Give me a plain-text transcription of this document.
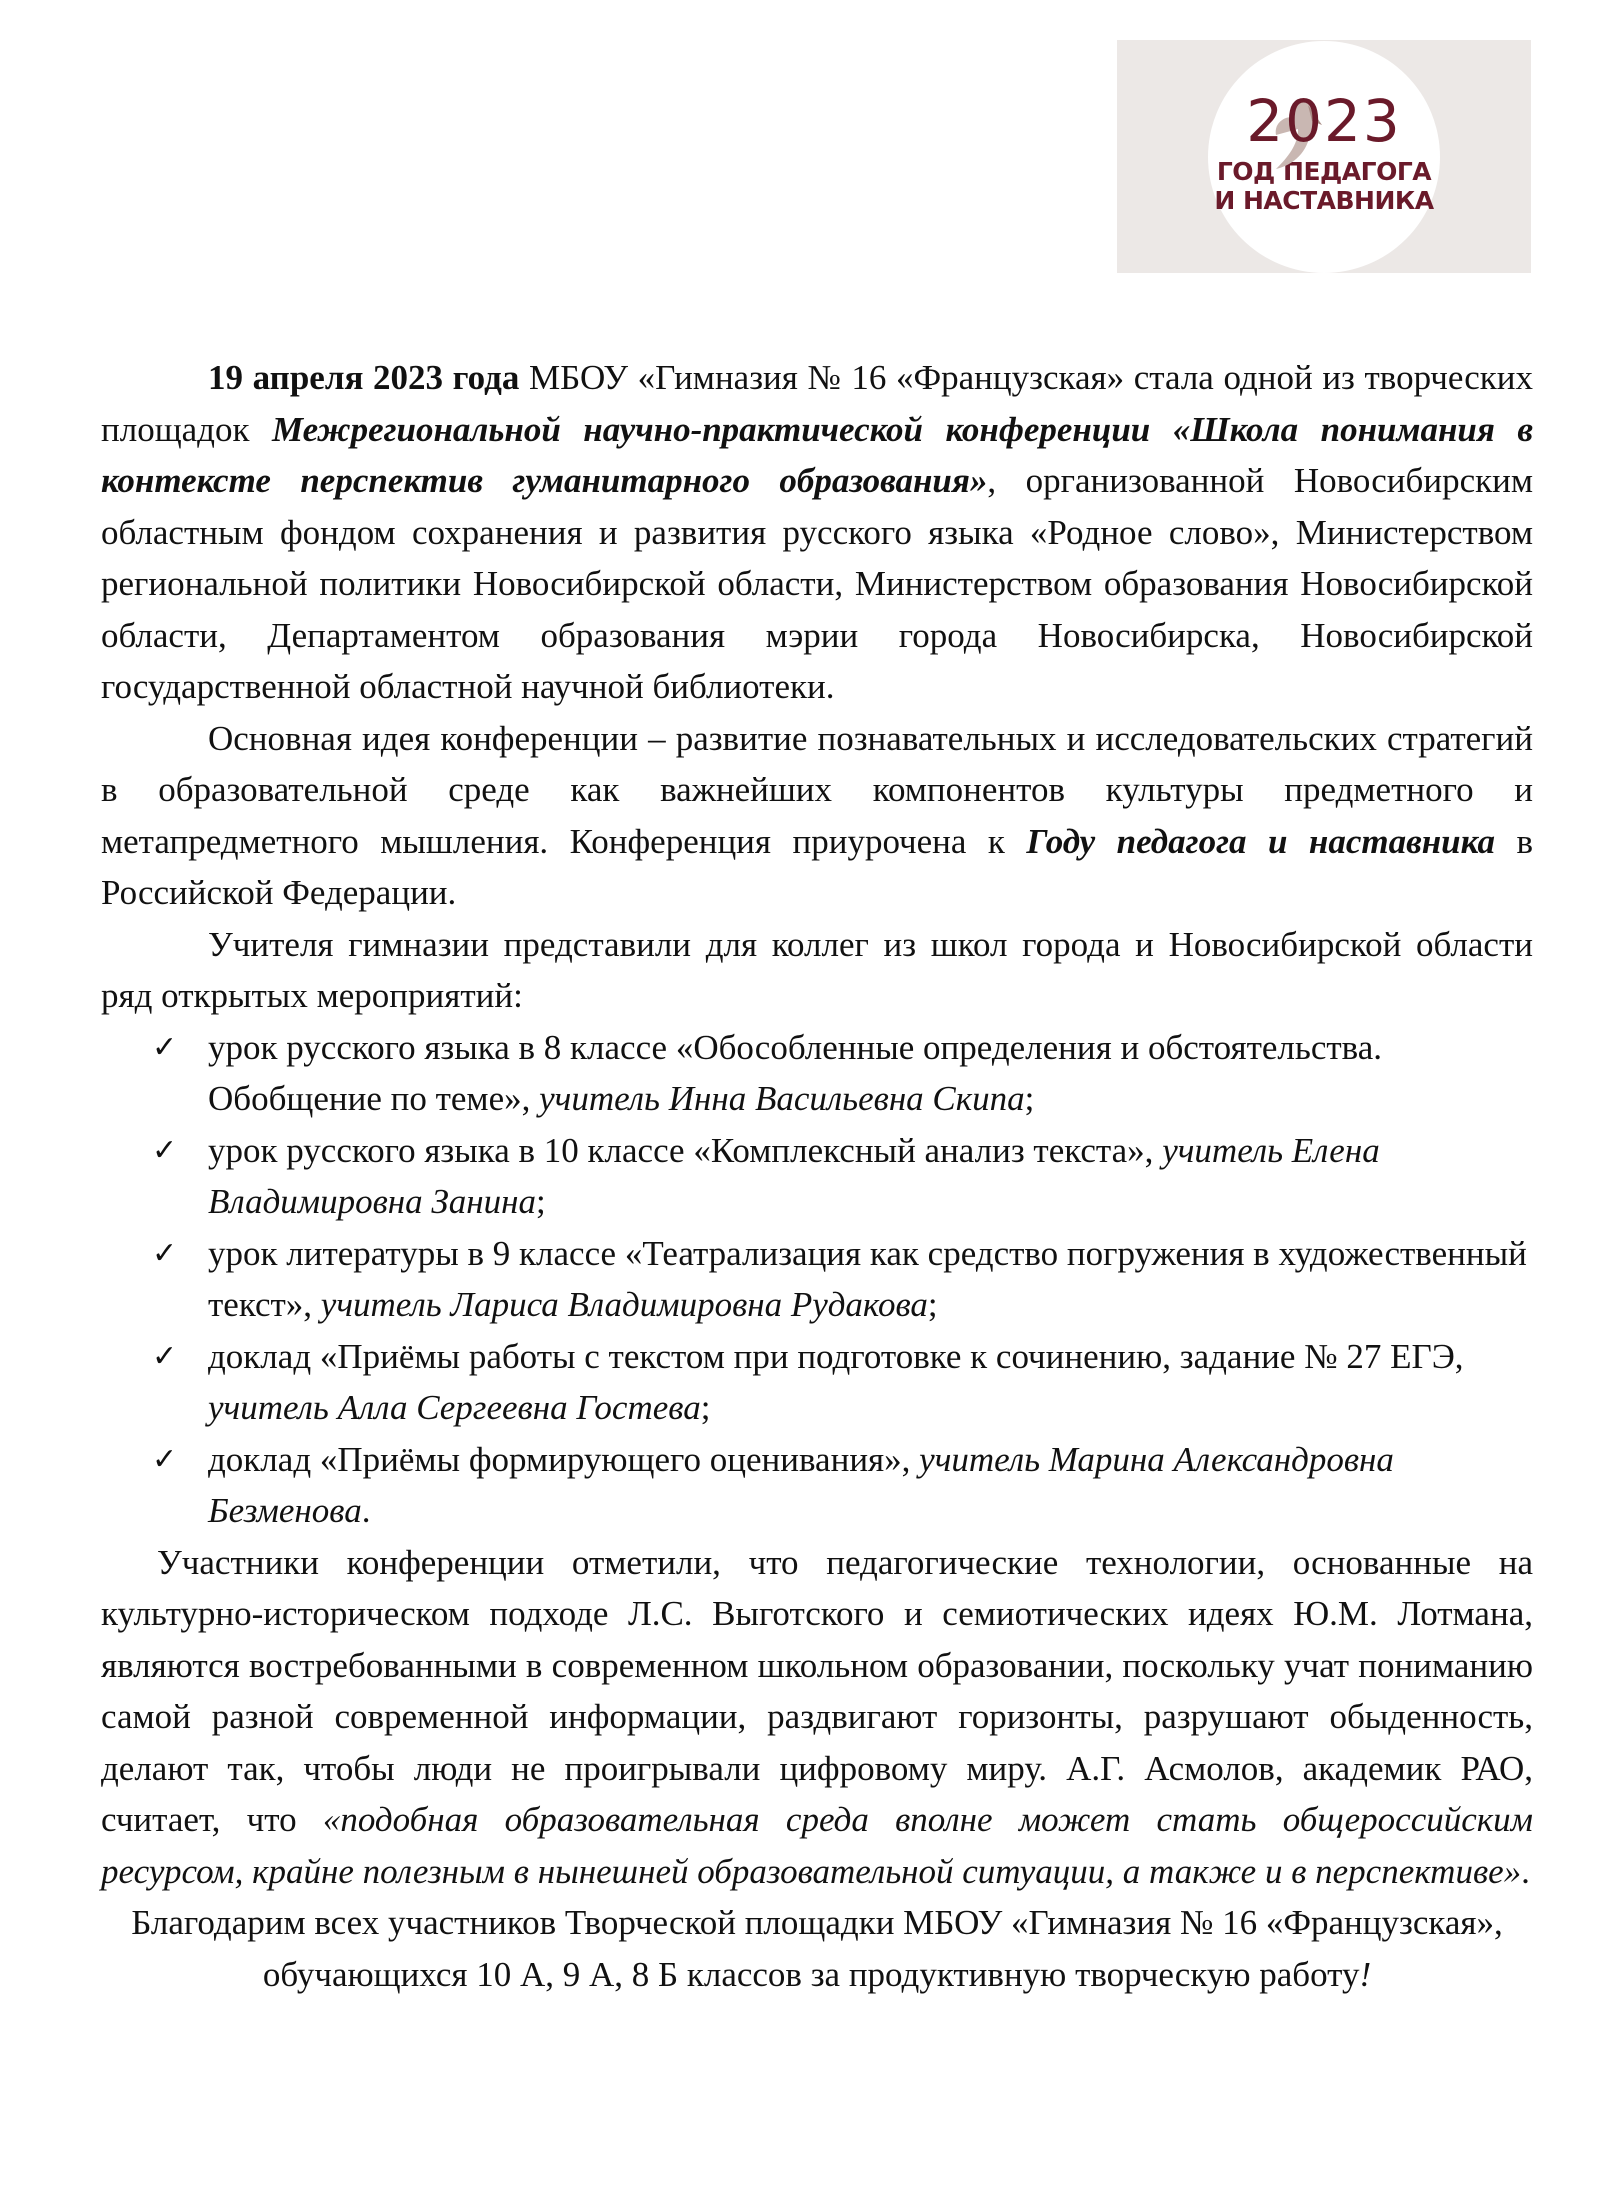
2023
ГОД ПЕДАГОГА
И НАСТАВНИКА

19 апреля 2023 года МБОУ «Гимназия № 16 «Французская» стала одной из творческих площадок Межрегиональной научно-практической конференции «Школа понимания в контексте перспектив гуманитарного образования», организованной Новосибирским областным фондом сохранения и развития русского языка «Родное слово», Министерством региональной политики Новосибирской области, Министерством образования Новосибирской области, Департаментом образования мэрии города Новосибирска, Новосибирской государственной областной научной библиотеки.

Основная идея конференции – развитие познавательных и исследовательских стратегий в образовательной среде как важнейших компонентов культуры предметного и метапредметного мышления. Конференция приурочена к Году педагога и наставника в Российской Федерации.

Учителя гимназии представили для коллег из школ города и Новосибирской области ряд открытых мероприятий:

✓ урок русского языка в 8 классе «Обособленные определения и обстоятельства. Обобщение по теме», учитель Инна Васильевна Скипа;
✓ урок русского языка в 10 классе «Комплексный анализ текста», учитель Елена Владимировна Занина;
✓ урок литературы в 9 классе «Театрализация как средство погружения в художественный текст», учитель Лариса Владимировна Рудакова;
✓ доклад «Приёмы работы с текстом при подготовке к сочинению, задание № 27 ЕГЭ, учитель Алла Сергеевна Гостева;
✓ доклад «Приёмы формирующего оценивания», учитель Марина Александровна Безменова.

Участники конференции отметили, что педагогические технологии, основанные на культурно-историческом подходе Л.С. Выготского и семиотических идеях Ю.М. Лотмана, являются востребованными в современном школьном образовании, поскольку учат пониманию самой разной современной информации, раздвигают горизонты, разрушают обыденность, делают так, чтобы люди не проигрывали цифровому миру. А.Г. Асмолов, академик РАО, считает, что «подобная образовательная среда вполне может стать общероссийским ресурсом, крайне полезным в нынешней образовательной ситуации, а также и в перспективе».

Благодарим всех участников Творческой площадки МБОУ «Гимназия № 16 «Французская», обучающихся 10 А, 9 А, 8 Б классов за продуктивную творческую работу!
